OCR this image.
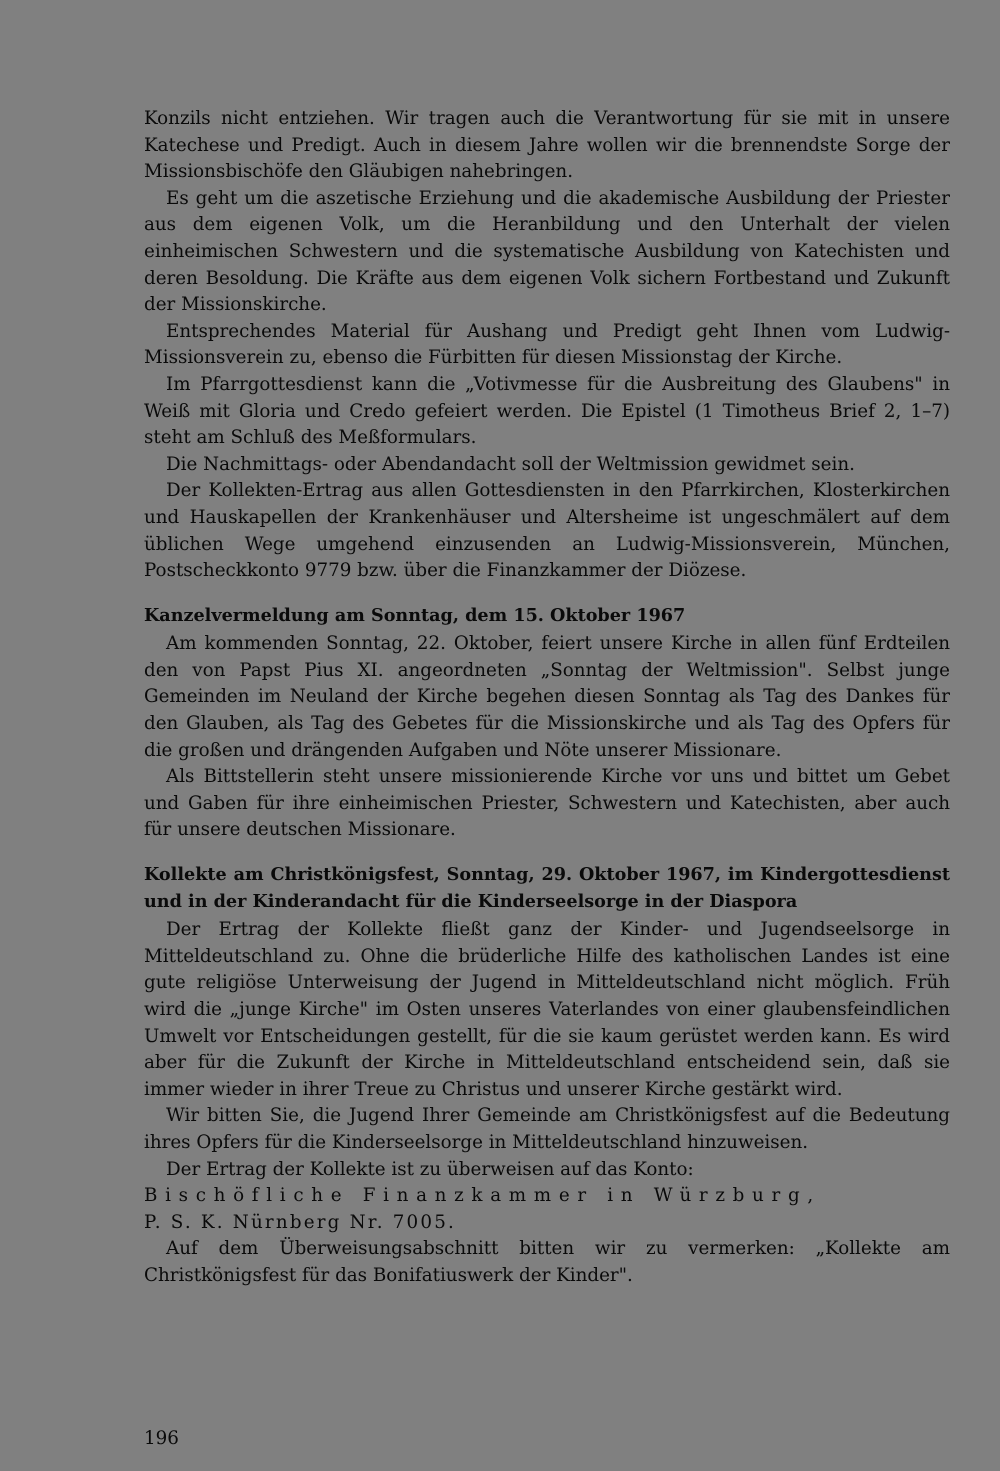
Konzils nicht entziehen. Wir tragen auch die Verantwortung für sie mit in unsere Katechese und Predigt. Auch in diesem Jahre wollen wir die brennendste Sorge der Missionsbischöfe den Gläubigen nahebringen.

Es geht um die aszetische Erziehung und die akademische Ausbildung der Priester aus dem eigenen Volk, um die Heranbildung und den Unterhalt der vielen einheimischen Schwestern und die systematische Ausbildung von Katechisten und deren Besoldung. Die Kräfte aus dem eigenen Volk sichern Fortbestand und Zukunft der Missionskirche.

Entsprechendes Material für Aushang und Predigt geht Ihnen vom Ludwig-Missionsverein zu, ebenso die Fürbitten für diesen Missionstag der Kirche.

Im Pfarrgottesdienst kann die „Votivmesse für die Ausbreitung des Glaubens" in Weiß mit Gloria und Credo gefeiert werden. Die Epistel (1 Timotheus Brief 2, 1–7) steht am Schluß des Meßformulars.

Die Nachmittags- oder Abendandacht soll der Weltmission gewidmet sein.

Der Kollekten-Ertrag aus allen Gottesdiensten in den Pfarrkirchen, Klosterkirchen und Hauskapellen der Krankenhäuser und Altersheime ist ungeschmälert auf dem üblichen Wege umgehend einzusenden an Ludwig-Missionsverein, München, Postscheckkonto 9779 bzw. über die Finanzkammer der Diözese.

Kanzelvermeldung am Sonntag, dem 15. Oktober 1967

Am kommenden Sonntag, 22. Oktober, feiert unsere Kirche in allen fünf Erdteilen den von Papst Pius XI. angeordneten „Sonntag der Weltmission". Selbst junge Gemeinden im Neuland der Kirche begehen diesen Sonntag als Tag des Dankes für den Glauben, als Tag des Gebetes für die Missionskirche und als Tag des Opfers für die großen und drängenden Aufgaben und Nöte unserer Missionare.

Als Bittstellerin steht unsere missionierende Kirche vor uns und bittet um Gebet und Gaben für ihre einheimischen Priester, Schwestern und Katechisten, aber auch für unsere deutschen Missionare.

Kollekte am Christkönigsfest, Sonntag, 29. Oktober 1967, im Kindergottesdienst und in der Kinderandacht für die Kinderseelsorge in der Diaspora

Der Ertrag der Kollekte fließt ganz der Kinder- und Jugendseelsorge in Mitteldeutschland zu. Ohne die brüderliche Hilfe des katholischen Landes ist eine gute religiöse Unterweisung der Jugend in Mitteldeutschland nicht möglich. Früh wird die „junge Kirche" im Osten unseres Vaterlandes von einer glaubensfeindlichen Umwelt vor Entscheidungen gestellt, für die sie kaum gerüstet werden kann. Es wird aber für die Zukunft der Kirche in Mitteldeutschland entscheidend sein, daß sie immer wieder in ihrer Treue zu Christus und unserer Kirche gestärkt wird.

Wir bitten Sie, die Jugend Ihrer Gemeinde am Christkönigsfest auf die Bedeutung ihres Opfers für die Kinderseelsorge in Mitteldeutschland hinzuweisen.

Der Ertrag der Kollekte ist zu überweisen auf das Konto:

Bischöfliche Finanzkammer in Würzburg,

P. S. K. Nürnberg Nr. 7005.

Auf dem Überweisungsabschnitt bitten wir zu vermerken: „Kollekte am Christkönigsfest für das Bonifatiuswerk der Kinder".

196
